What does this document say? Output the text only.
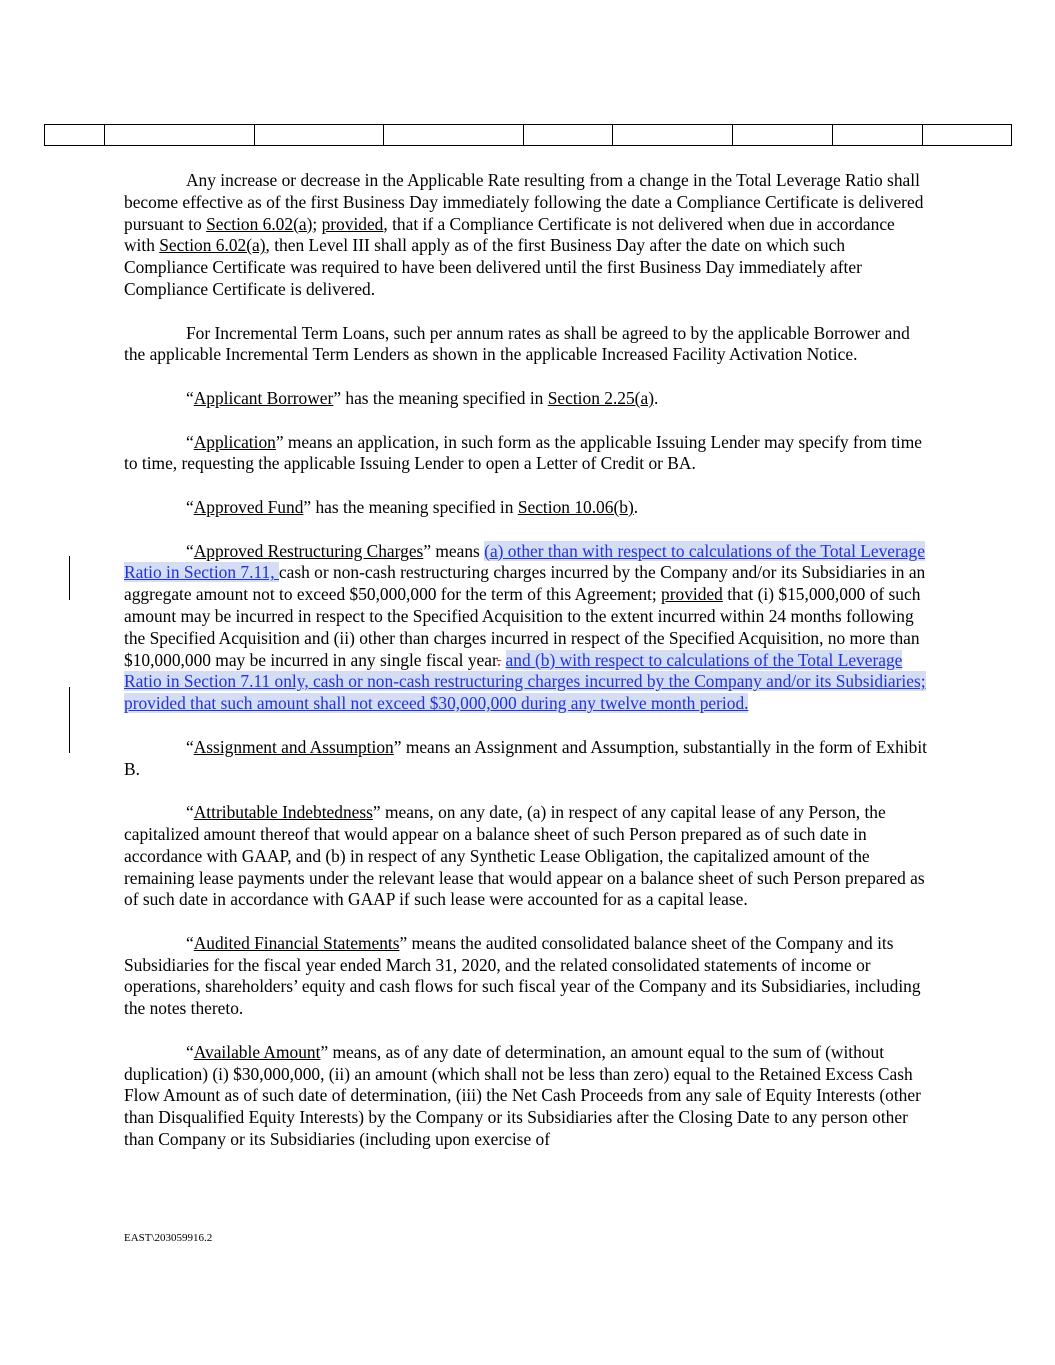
Any increase or decrease in the Applicable Rate resulting from a change in the Total Leverage Ratio shall become effective as of the first Business Day immediately following the date a Compliance Certificate is delivered pursuant to Section 6.02(a); provided, that if a Compliance Certificate is not delivered when due in accordance with Section 6.02(a), then Level III shall apply as of the first Business Day after the date on which such Compliance Certificate was required to have been delivered until the first Business Day immediately after Compliance Certificate is delivered.

For Incremental Term Loans, such per annum rates as shall be agreed to by the applicable Borrower and the applicable Incremental Term Lenders as shown in the applicable Increased Facility Activation Notice.

“Applicant Borrower” has the meaning specified in Section 2.25(a).

“Application” means an application, in such form as the applicable Issuing Lender may specify from time to time, requesting the applicable Issuing Lender to open a Letter of Credit or BA.

“Approved Fund” has the meaning specified in Section 10.06(b).

“Approved Restructuring Charges” means (a) other than with respect to calculations of the Total Leverage Ratio in Section 7.11, cash or non-cash restructuring charges incurred by the Company and/or its Subsidiaries in an aggregate amount not to exceed $50,000,000 for the term of this Agreement; provided that (i) $15,000,000 of such amount may be incurred in respect to the Specified Acquisition to the extent incurred within 24 months following the Specified Acquisition and (ii) other than charges incurred in respect of the Specified Acquisition, no more than $10,000,000 may be incurred in any single fiscal year. and (b) with respect to calculations of the Total Leverage Ratio in Section 7.11 only, cash or non-cash restructuring charges incurred by the Company and/or its Subsidiaries; provided that such amount shall not exceed $30,000,000 during any twelve month period.

“Assignment and Assumption” means an Assignment and Assumption, substantially in the form of Exhibit B.

“Attributable Indebtedness” means, on any date, (a) in respect of any capital lease of any Person, the capitalized amount thereof that would appear on a balance sheet of such Person prepared as of such date in accordance with GAAP, and (b) in respect of any Synthetic Lease Obligation, the capitalized amount of the remaining lease payments under the relevant lease that would appear on a balance sheet of such Person prepared as of such date in accordance with GAAP if such lease were accounted for as a capital lease.

“Audited Financial Statements” means the audited consolidated balance sheet of the Company and its Subsidiaries for the fiscal year ended March 31, 2020, and the related consolidated statements of income or operations, shareholders’ equity and cash flows for such fiscal year of the Company and its Subsidiaries, including the notes thereto.

“Available Amount” means, as of any date of determination, an amount equal to the sum of (without duplication) (i) $30,000,000, (ii) an amount (which shall not be less than zero) equal to the Retained Excess Cash Flow Amount as of such date of determination, (iii) the Net Cash Proceeds from any sale of Equity Interests (other than Disqualified Equity Interests) by the Company or its Subsidiaries after the Closing Date to any person other than Company or its Subsidiaries (including upon exercise of

EAST\203059916.2
